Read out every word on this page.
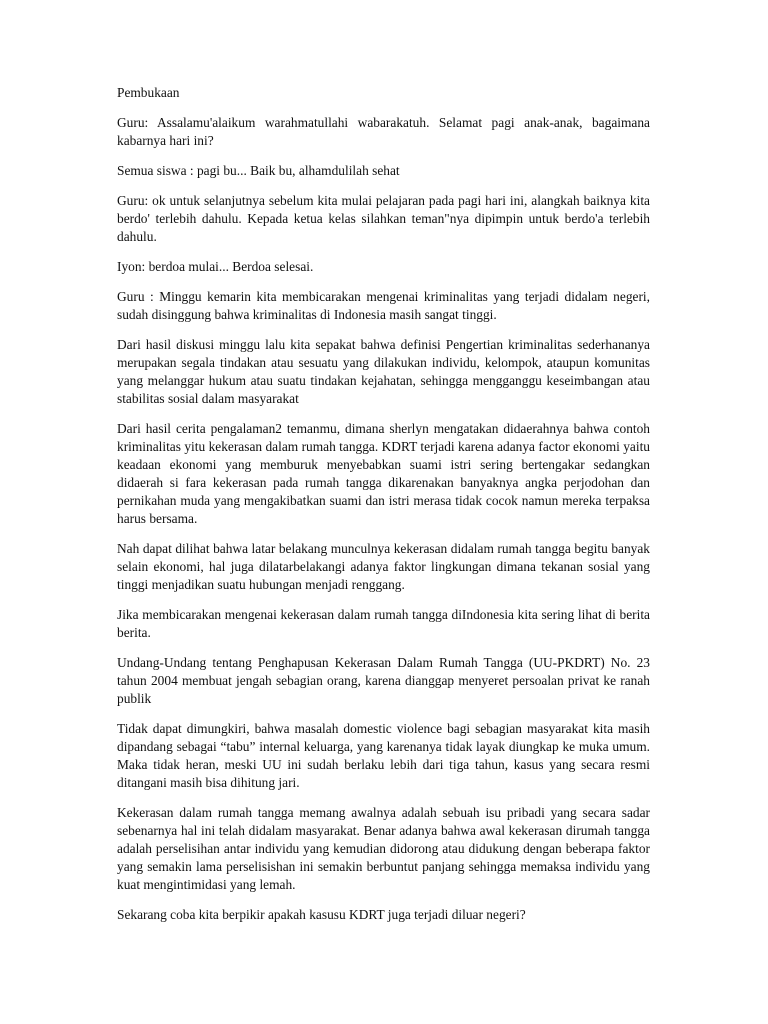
Pembukaan

Guru: Assalamu'alaikum warahmatullahi wabarakatuh. Selamat pagi anak-anak, bagaimana kabarnya hari ini?

Semua siswa : pagi bu... Baik bu, alhamdulilah sehat

Guru: ok untuk selanjutnya sebelum kita mulai pelajaran pada pagi hari ini, alangkah baiknya kita berdo' terlebih dahulu. Kepada ketua kelas silahkan teman"nya dipimpin untuk berdo'a terlebih dahulu.

Iyon: berdoa mulai... Berdoa selesai.

Guru : Minggu kemarin kita membicarakan mengenai kriminalitas yang terjadi didalam negeri, sudah disinggung bahwa kriminalitas di Indonesia masih sangat tinggi.

Dari hasil diskusi minggu lalu kita sepakat bahwa definisi Pengertian kriminalitas sederhananya merupakan segala tindakan atau sesuatu yang dilakukan individu, kelompok, ataupun komunitas yang melanggar hukum atau suatu tindakan kejahatan, sehingga mengganggu keseimbangan atau stabilitas sosial dalam masyarakat

Dari hasil cerita pengalaman2 temanmu, dimana sherlyn mengatakan didaerahnya bahwa contoh kriminalitas yitu kekerasan dalam rumah tangga. KDRT terjadi karena adanya factor ekonomi yaitu keadaan ekonomi yang memburuk menyebabkan suami istri sering bertengakar sedangkan didaerah si fara kekerasan pada rumah tangga dikarenakan banyaknya angka perjodohan dan pernikahan muda yang mengakibatkan suami dan istri merasa tidak cocok namun mereka terpaksa harus bersama.

Nah dapat dilihat bahwa latar belakang munculnya kekerasan didalam rumah tangga begitu banyak selain ekonomi, hal juga dilatarbelakangi adanya faktor lingkungan dimana tekanan sosial yang tinggi menjadikan suatu hubungan menjadi renggang.

Jika membicarakan mengenai kekerasan dalam rumah tangga diIndonesia kita sering lihat di berita berita.

Undang-Undang tentang Penghapusan Kekerasan Dalam Rumah Tangga (UU-PKDRT) No. 23 tahun 2004 membuat jengah sebagian orang, karena dianggap menyeret persoalan privat ke ranah publik

Tidak dapat dimungkiri, bahwa masalah domestic violence bagi sebagian masyarakat kita masih dipandang sebagai “tabu” internal keluarga, yang karenanya tidak layak diungkap ke muka umum. Maka tidak heran, meski UU ini sudah berlaku lebih dari tiga tahun, kasus yang secara resmi ditangani masih bisa dihitung jari.

Kekerasan dalam rumah tangga memang awalnya adalah sebuah isu pribadi yang secara sadar sebenarnya hal ini telah didalam masyarakat. Benar adanya bahwa awal kekerasan dirumah tangga adalah perselisihan antar individu yang kemudian didorong atau didukung dengan beberapa faktor yang semakin lama perselisishan ini semakin berbuntut panjang sehingga memaksa individu yang kuat mengintimidasi yang lemah.

Sekarang coba kita berpikir apakah kasusu KDRT juga terjadi diluar negeri?
